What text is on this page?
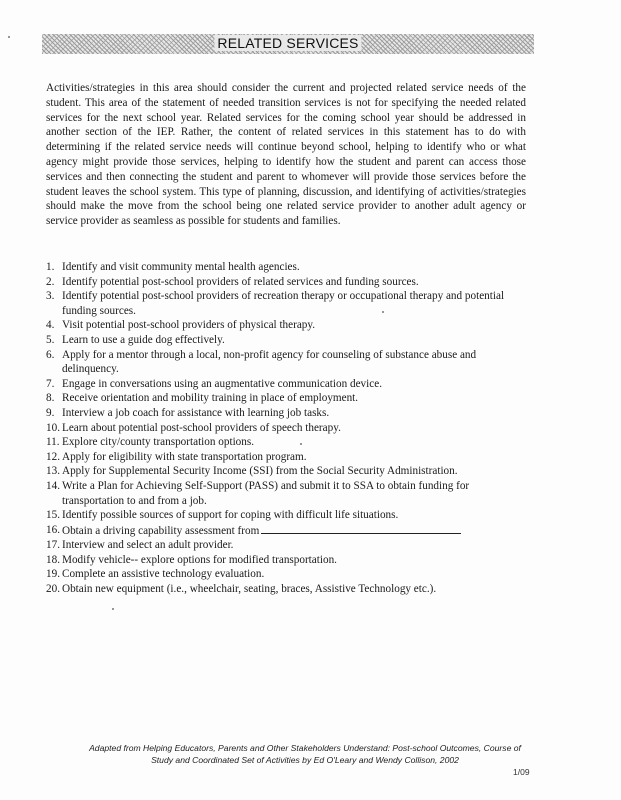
RELATED SERVICES

Activities/strategies in this area should consider the current and projected related service needs of the student. This area of the statement of needed transition services is not for specifying the needed related services for the next school year. Related services for the coming school year should be addressed in another section of the IEP. Rather, the content of related services in this statement has to do with determining if the related service needs will continue beyond school, helping to identify who or what agency might provide those services, helping to identify how the student and parent can access those services and then connecting the student and parent to whomever will provide those services before the student leaves the school system. This type of planning, discussion, and identifying of activities/strategies should make the move from the school being one related service provider to another adult agency or service provider as seamless as possible for students and families.

1. Identify and visit community mental health agencies.
2. Identify potential post-school providers of related services and funding sources.
3. Identify potential post-school providers of recreation therapy or occupational therapy and potential funding sources.
4. Visit potential post-school providers of physical therapy.
5. Learn to use a guide dog effectively.
6. Apply for a mentor through a local, non-profit agency for counseling of substance abuse and delinquency.
7. Engage in conversations using an augmentative communication device.
8. Receive orientation and mobility training in place of employment.
9. Interview a job coach for assistance with learning job tasks.
10. Learn about potential post-school providers of speech therapy.
11. Explore city/county transportation options.
12. Apply for eligibility with state transportation program.
13. Apply for Supplemental Security Income (SSI) from the Social Security Administration.
14. Write a Plan for Achieving Self-Support (PASS) and submit it to SSA to obtain funding for transportation to and from a job.
15. Identify possible sources of support for coping with difficult life situations.
16. Obtain a driving capability assessment from
17. Interview and select an adult provider.
18. Modify vehicle-- explore options for modified transportation.
19. Complete an assistive technology evaluation.
20. Obtain new equipment (i.e., wheelchair, seating, braces, Assistive Technology etc.).

Adapted from Helping Educators, Parents and Other Stakeholders Understand: Post-school Outcomes, Course of
Study and Coordinated Set of Activities by Ed O'Leary and Wendy Collison, 2002

1/09
